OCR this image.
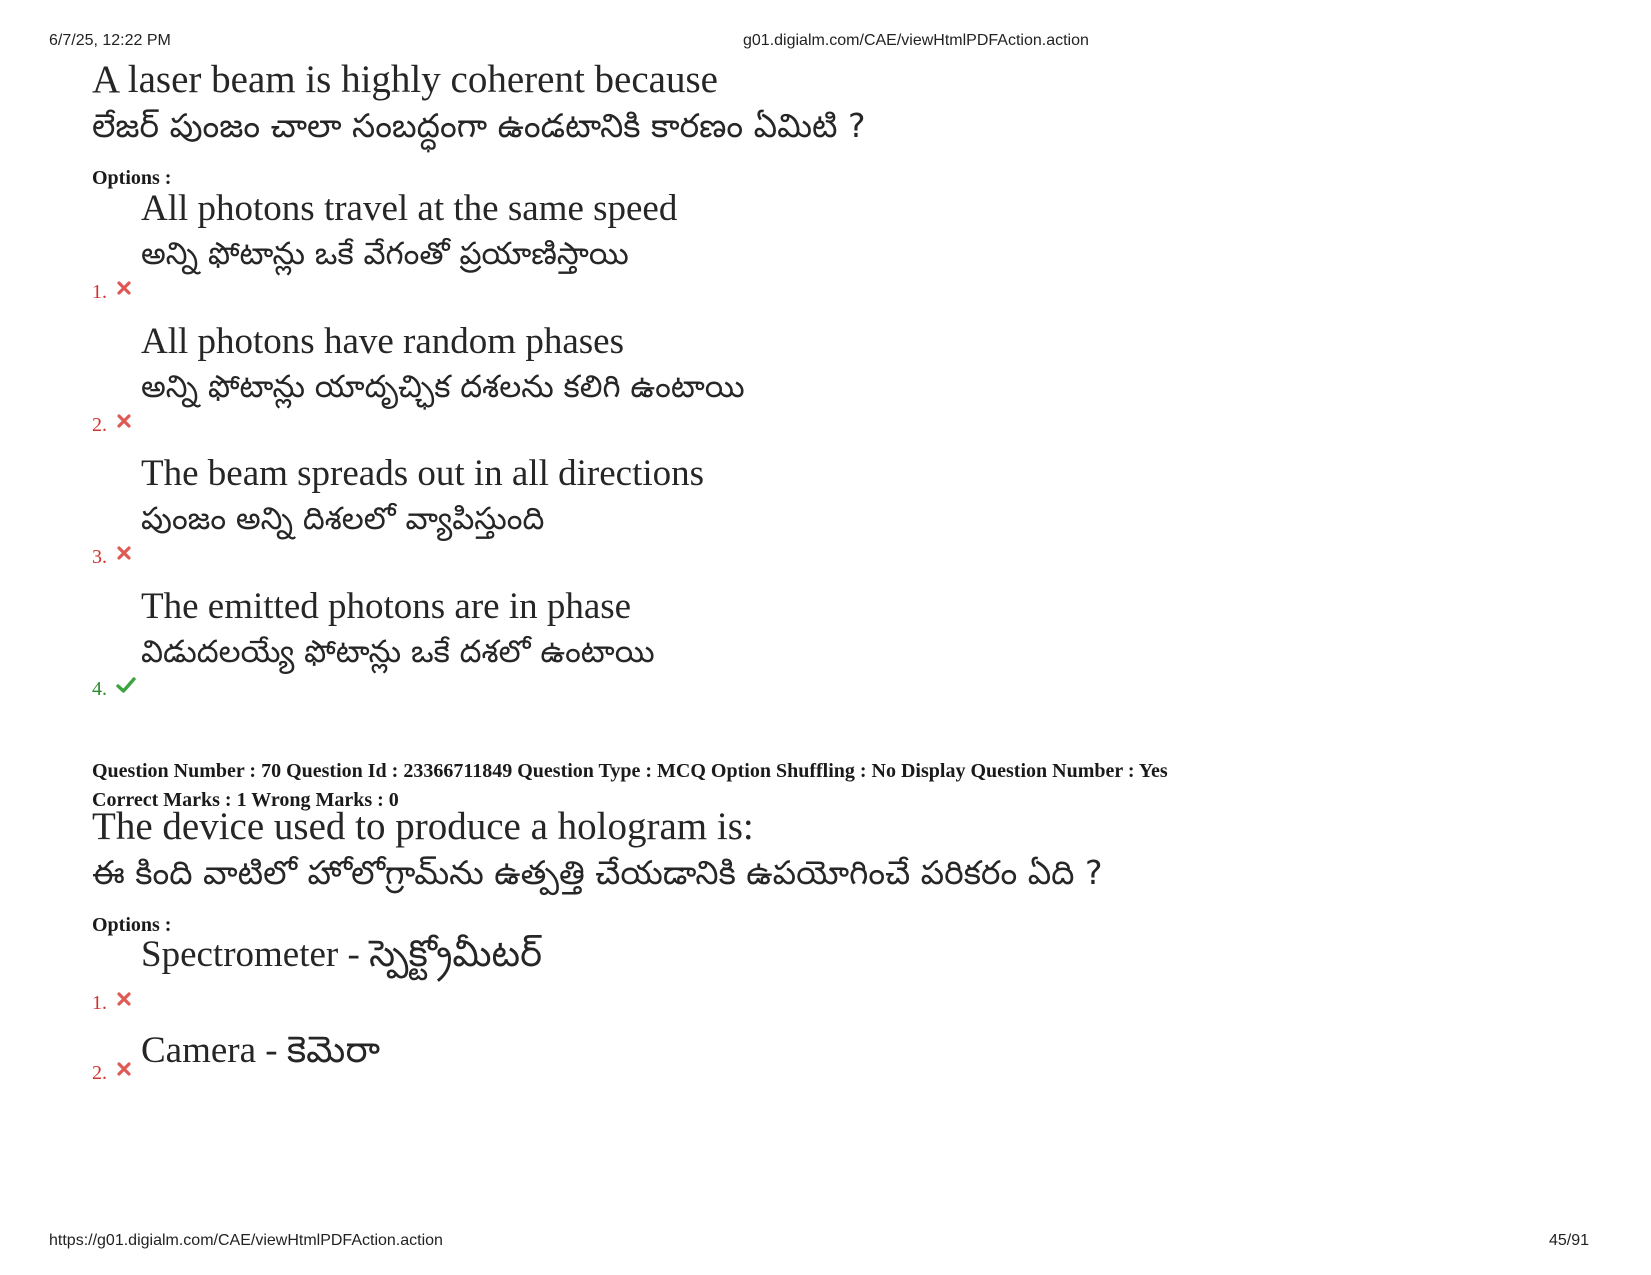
6/7/25, 12:22 PM	g01.digialm.com/CAE/viewHtmlPDFAction.action
https://g01.digialm.com/CAE/viewHtmlPDFAction.action	45/91
A laser beam is highly coherent because
లేజర్ పుంజం చాలా సంబద్ధంగా ఉండటానికి కారణం ఏమిటి ?
Options :
All photons travel at the same speed
అన్ని ఫోటాన్లు ఒకే వేగంతో ప్రయాణిస్తాయి
1.
All photons have random phases
అన్ని ఫోటాన్లు యాదృచ్ఛిక దశలను కలిగి ఉంటాయి
2.
The beam spreads out in all directions
పుంజం అన్ని దిశలలో వ్యాపిస్తుంది
3.
The emitted photons are in phase
విడుదలయ్యే ఫోటాన్లు ఒకే దశలో ఉంటాయి
4.
Question Number : 70 Question Id : 23366711849 Question Type : MCQ Option Shuffling : No Display Question Number : Yes
Correct Marks : 1 Wrong Marks : 0
The device used to produce a hologram is:
ఈ కింది వాటిలో హోలోగ్రామ్‌ను ఉత్పత్తి చేయడానికి ఉపయోగించే పరికరం ఏది ?
Options :
Spectrometer - స్పెక్ట్రోమీటర్
1.
Camera - కెమెరా
2.
